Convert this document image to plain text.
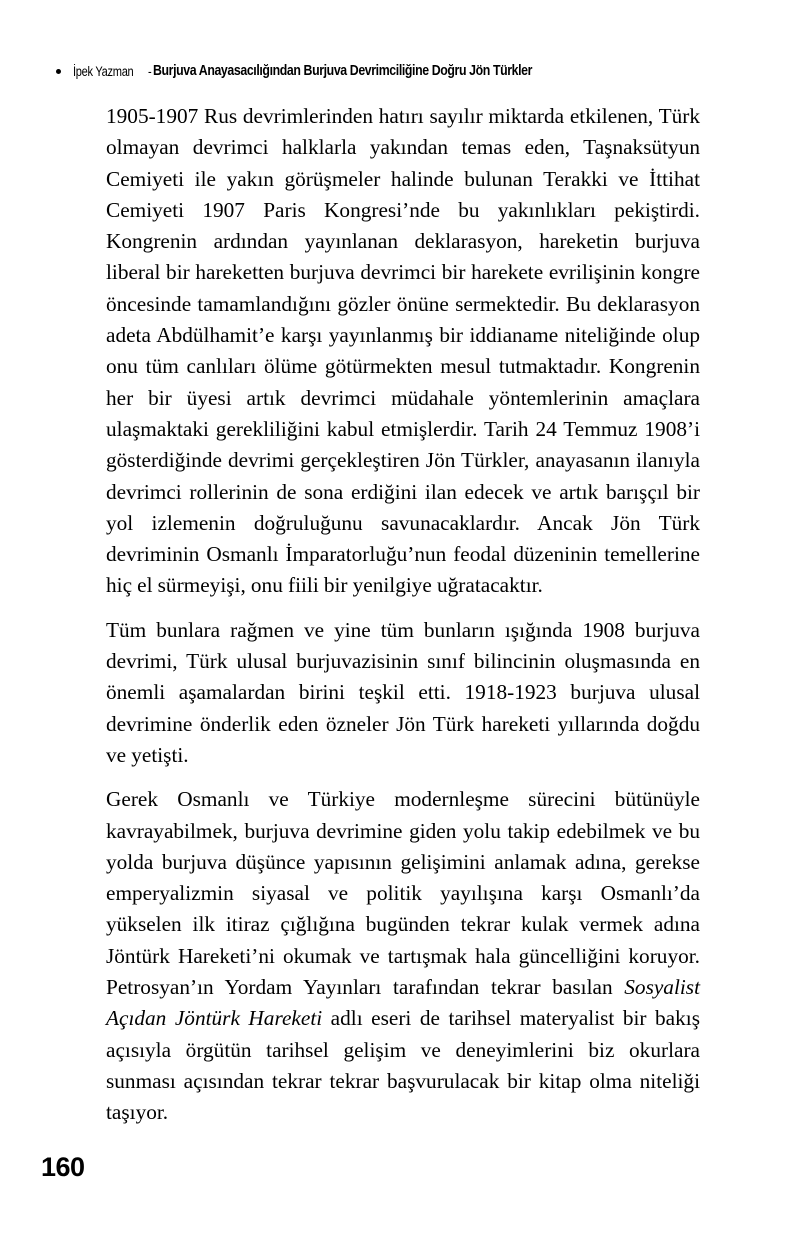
İpek Yazman - Burjuva Anayasacılığından Burjuva Devrimciliğine Doğru Jön Türkler

1905-1907 Rus devrimlerinden hatırı sayılır miktarda etkilenen, Türk olmayan devrimci halklarla yakından temas eden, Taşnaksütyun Cemiyeti ile yakın görüşmeler halinde bulunan Terakki ve İttihat Cemiyeti 1907 Paris Kongresi’nde bu yakınlıkları pekiştirdi. Kongrenin ardından yayınlanan deklarasyon, hareketin burjuva liberal bir hareketten burjuva devrimci bir harekete evrilişinin kongre öncesinde tamamlandığını gözler önüne sermektedir. Bu deklarasyon adeta Abdülhamit’e karşı yayınlanmış bir iddianame niteliğinde olup onu tüm canlıları ölüme götürmekten mesul tutmaktadır. Kongrenin her bir üyesi artık devrimci müdahale yöntemlerinin amaçlara ulaşmaktaki gerekliliğini kabul etmişlerdir. Tarih 24 Temmuz 1908’i gösterdiğinde devrimi gerçekleştiren Jön Türkler, anayasanın ilanıyla devrimci rollerinin de sona erdiğini ilan edecek ve artık barışçıl bir yol izlemenin doğruluğunu savunacaklardır. Ancak Jön Türk devriminin Osmanlı İmparatorluğu’nun feodal düzeninin temellerine hiç el sürmeyişi, onu fiili bir yenilgiye uğratacaktır.

Tüm bunlara rağmen ve yine tüm bunların ışığında 1908 burjuva devrimi, Türk ulusal burjuvazisinin sınıf bilincinin oluşmasında en önemli aşamalardan birini teşkil etti. 1918-1923 burjuva ulusal devrimine önderlik eden özneler Jön Türk hareketi yıllarında doğdu ve yetişti.

Gerek Osmanlı ve Türkiye modernleşme sürecini bütünüyle kavrayabilmek, burjuva devrimine giden yolu takip edebilmek ve bu yolda burjuva düşünce yapısının gelişimini anlamak adına, gerekse emperyalizmin siyasal ve politik yayılışına karşı Osmanlı’da yükselen ilk itiraz çığlığına bugünden tekrar kulak vermek adına Jöntürk Hareketi’ni okumak ve tartışmak hala güncelliğini koruyor. Petrosyan’ın Yordam Yayınları tarafından tekrar basılan Sosyalist Açıdan Jöntürk Hareketi adlı eseri de tarihsel materyalist bir bakış açısıyla örgütün tarihsel gelişim ve deneyimlerini biz okurlara sunması açısından tekrar tekrar başvurulacak bir kitap olma niteliği taşıyor.

160
